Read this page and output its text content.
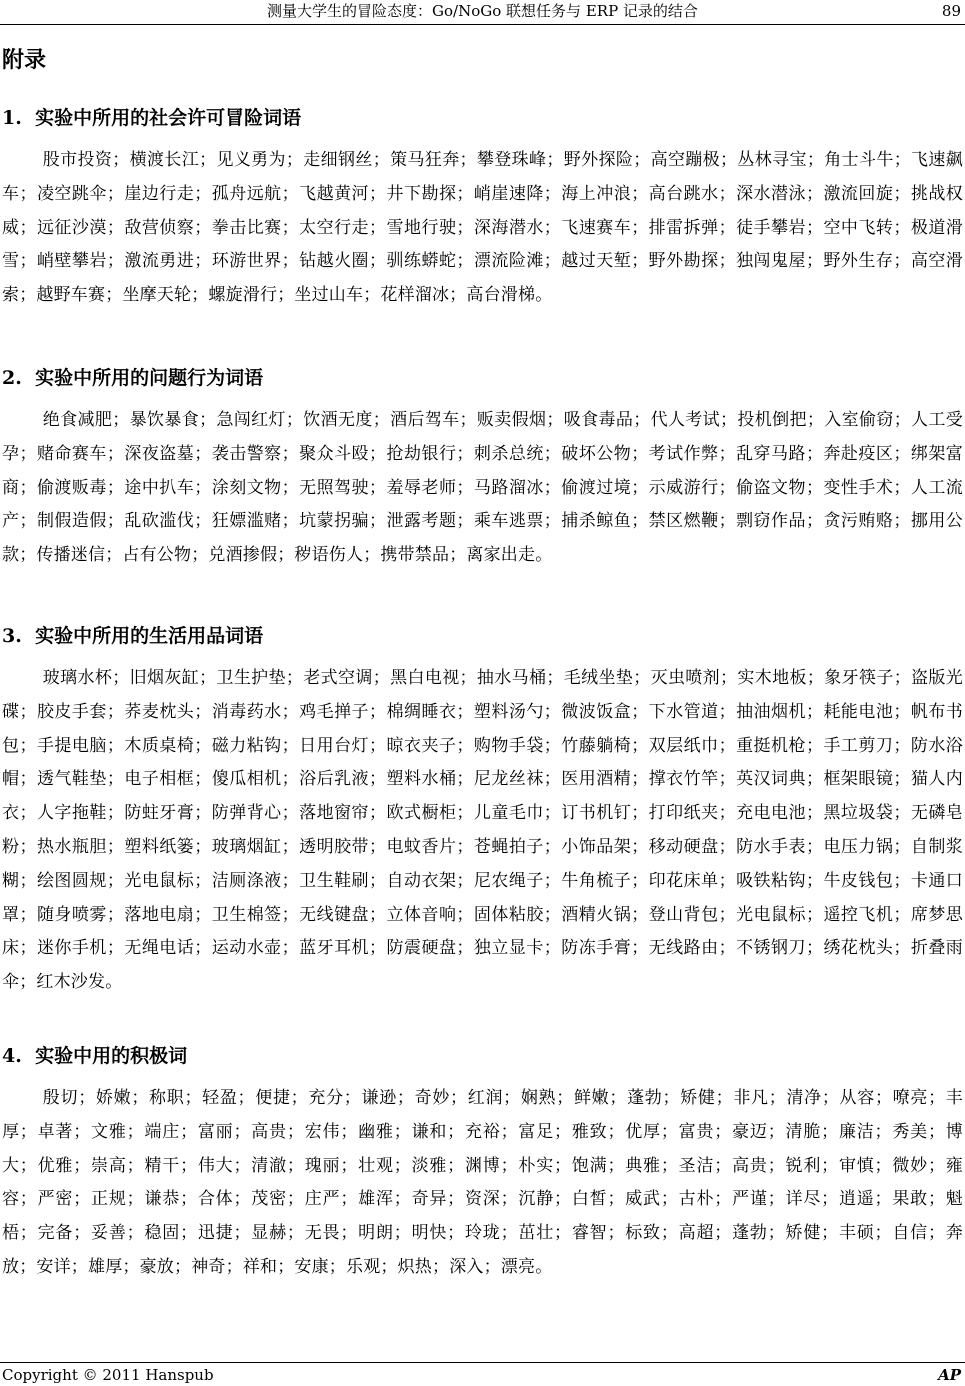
测量大学生的冒险态度：Go/NoGo 联想任务与 ERP 记录的结合	89
附录
1. 实验中所用的社会许可冒险词语

股市投资；横渡长江；见义勇为；走细钢丝；策马狂奔；攀登珠峰；野外探险；高空蹦极；丛林寻宝；角士斗牛；飞速飙车；凌空跳伞；崖边行走；孤舟远航；飞越黄河；井下勘探；峭崖速降；海上冲浪；高台跳水；深水潜泳；激流回旋；挑战权威；远征沙漠；敌营侦察；拳击比赛；太空行走；雪地行驶；深海潜水；飞速赛车；排雷拆弹；徒手攀岩；空中飞转；极道滑雪；峭壁攀岩；激流勇进；环游世界；钻越火圈；驯练蟒蛇；漂流险滩；越过天堑；野外勘探；独闯鬼屋；野外生存；高空滑索；越野车赛；坐摩天轮；螺旋滑行；坐过山车；花样溜冰；高台滑梯。

2. 实验中所用的问题行为词语

绝食减肥；暴饮暴食；急闯红灯；饮酒无度；酒后驾车；贩卖假烟；吸食毒品；代人考试；投机倒把；入室偷窃；人工受孕；赌命赛车；深夜盗墓；袭击警察；聚众斗殴；抢劫银行；刺杀总统；破坏公物；考试作弊；乱穿马路；奔赴疫区；绑架富商；偷渡贩毒；途中扒车；涂刻文物；无照驾驶；羞辱老师；马路溜冰；偷渡过境；示威游行；偷盗文物；变性手术；人工流产；制假造假；乱砍滥伐；狂嫖滥赌；坑蒙拐骗；泄露考题；乘车逃票；捕杀鲸鱼；禁区燃鞭；剽窃作品；贪污贿赂；挪用公款；传播迷信；占有公物；兑酒掺假；秽语伤人；携带禁品；离家出走。

3. 实验中所用的生活用品词语

玻璃水杯；旧烟灰缸；卫生护垫；老式空调；黑白电视；抽水马桶；毛绒坐垫；灭虫喷剂；实木地板；象牙筷子；盗版光碟；胶皮手套；荞麦枕头；消毒药水；鸡毛掸子；棉绸睡衣；塑料汤勺；微波饭盒；下水管道；抽油烟机；耗能电池；帆布书包；手提电脑；木质桌椅；磁力粘钩；日用台灯；晾衣夹子；购物手袋；竹藤躺椅；双层纸巾；重挺机枪；手工剪刀；防水浴帽；透气鞋垫；电子相框；傻瓜相机；浴后乳液；塑料水桶；尼龙丝袜；医用酒精；撑衣竹竿；英汉词典；框架眼镜；猫人内衣；人字拖鞋；防蛀牙膏；防弹背心；落地窗帘；欧式橱柜；儿童毛巾；订书机钉；打印纸夹；充电电池；黑垃圾袋；无磷皂粉；热水瓶胆；塑料纸篓；玻璃烟缸；透明胶带；电蚊香片；苍蝇拍子；小饰品架；移动硬盘；防水手表；电压力锅；自制浆糊；绘图圆规；光电鼠标；洁厕涤液；卫生鞋刷；自动衣架；尼农绳子；牛角梳子；印花床单；吸铁粘钩；牛皮钱包；卡通口罩；随身喷雾；落地电扇；卫生棉签；无线键盘；立体音响；固体粘胶；酒精火锅；登山背包；光电鼠标；遥控飞机；席梦思床；迷你手机；无绳电话；运动水壶；蓝牙耳机；防震硬盘；独立显卡；防冻手膏；无线路由；不锈钢刀；绣花枕头；折叠雨伞；红木沙发。

4. 实验中用的积极词

殷切；娇嫩；称职；轻盈；便捷；充分；谦逊；奇妙；红润；娴熟；鲜嫩；蓬勃；矫健；非凡；清净；从容；嘹亮；丰厚；卓著；文雅；端庄；富丽；高贵；宏伟；幽雅；谦和；充裕；富足；雅致；优厚；富贵；豪迈；清脆；廉洁；秀美；博大；优雅；崇高；精干；伟大；清澈；瑰丽；壮观；淡雅；渊博；朴实；饱满；典雅；圣洁；高贵；锐利；审慎；微妙；雍容；严密；正规；谦恭；合体；茂密；庄严；雄浑；奇异；资深；沉静；白皙；威武；古朴；严谨；详尽；逍遥；果敢；魁梧；完备；妥善；稳固；迅捷；显赫；无畏；明朗；明快；玲珑；茁壮；睿智；标致；高超；蓬勃；矫健；丰硕；自信；奔放；安详；雄厚；豪放；神奇；祥和；安康；乐观；炽热；深入；漂亮。

Copyright © 2011 Hanspub	AP
